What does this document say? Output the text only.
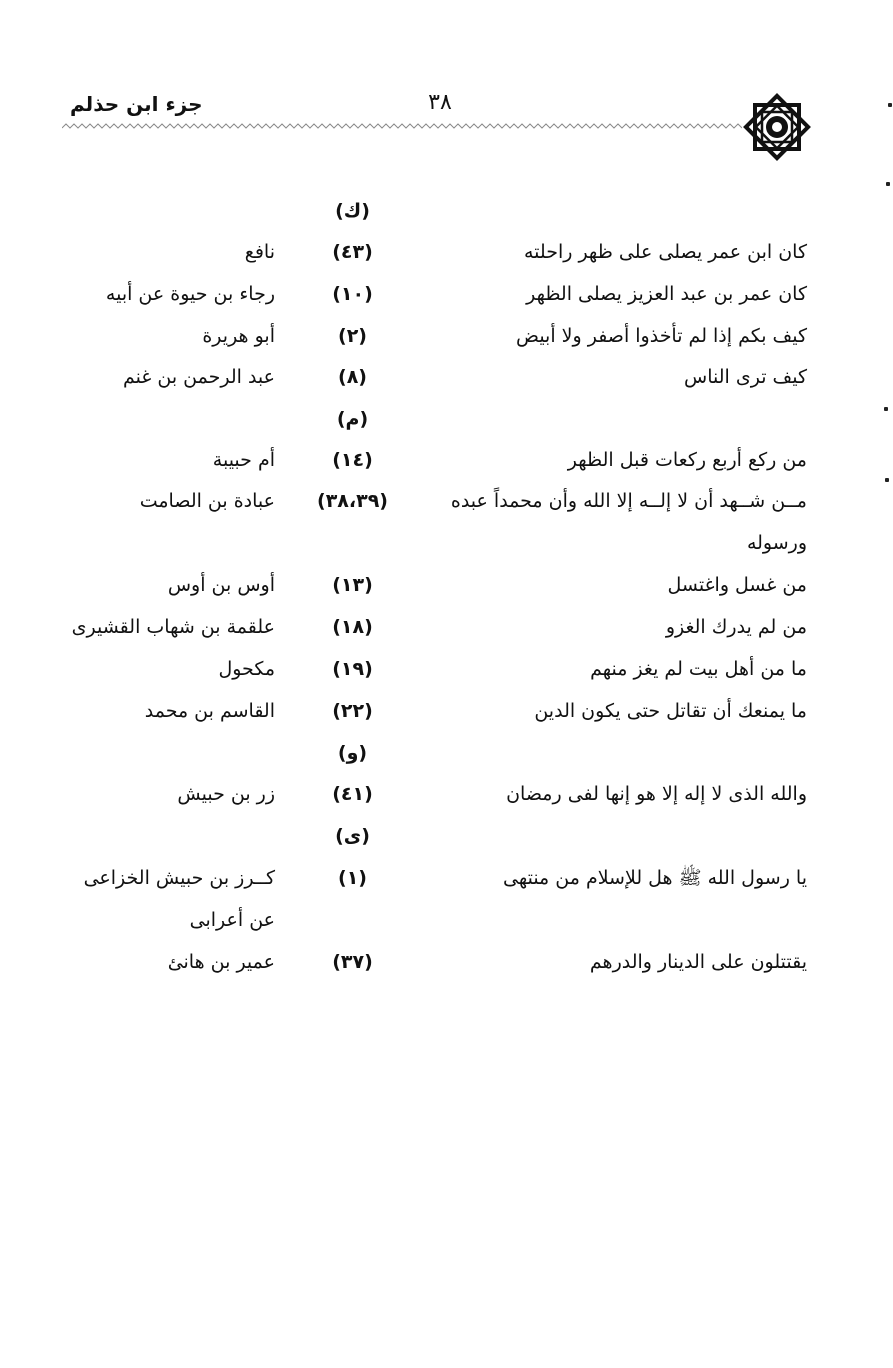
جزء ابن حذلم	٣٨
(ك)
كان ابن عمر يصلى على ظهر راحلته
(٤٣)
نافع
كان عمر بن عبد العزيز يصلى الظهر
(١٠)
رجاء بن حيوة عن أبيه
كيف بكم إذا لم تأخذوا أصفر ولا أبيض
(٢)
أبو هريرة
كيف ترى الناس
(٨)
عبد الرحمن بن غنم
(م)
من ركع أربع ركعات قبل الظهر
(١٤)
أم حبيبة
مــن شــهد أن لا إلــه إلا الله وأن محمداً عبده
(٣٨،٣٩)
عبادة بن الصامت
ورسوله
من غسل واغتسل
(١٣)
أوس بن أوس
من لم يدرك الغزو
(١٨)
علقمة بن شهاب القشيرى
ما من أهل بيت لم يغز منهم
(١٩)
مكحول
ما يمنعك أن تقاتل حتى يكون الدين
(٢٢)
القاسم بن محمد
(و)
والله الذى لا إله إلا هو إنها لفى رمضان
(٤١)
زر بن حبيش
(ى)
يا رسول الله ﷺ هل للإسلام من منتهى
(١)
كــرز بن حبيش الخزاعى
عن أعرابى
يقتتلون على الدينار والدرهم
(٣٧)
عمير بن هانئ
